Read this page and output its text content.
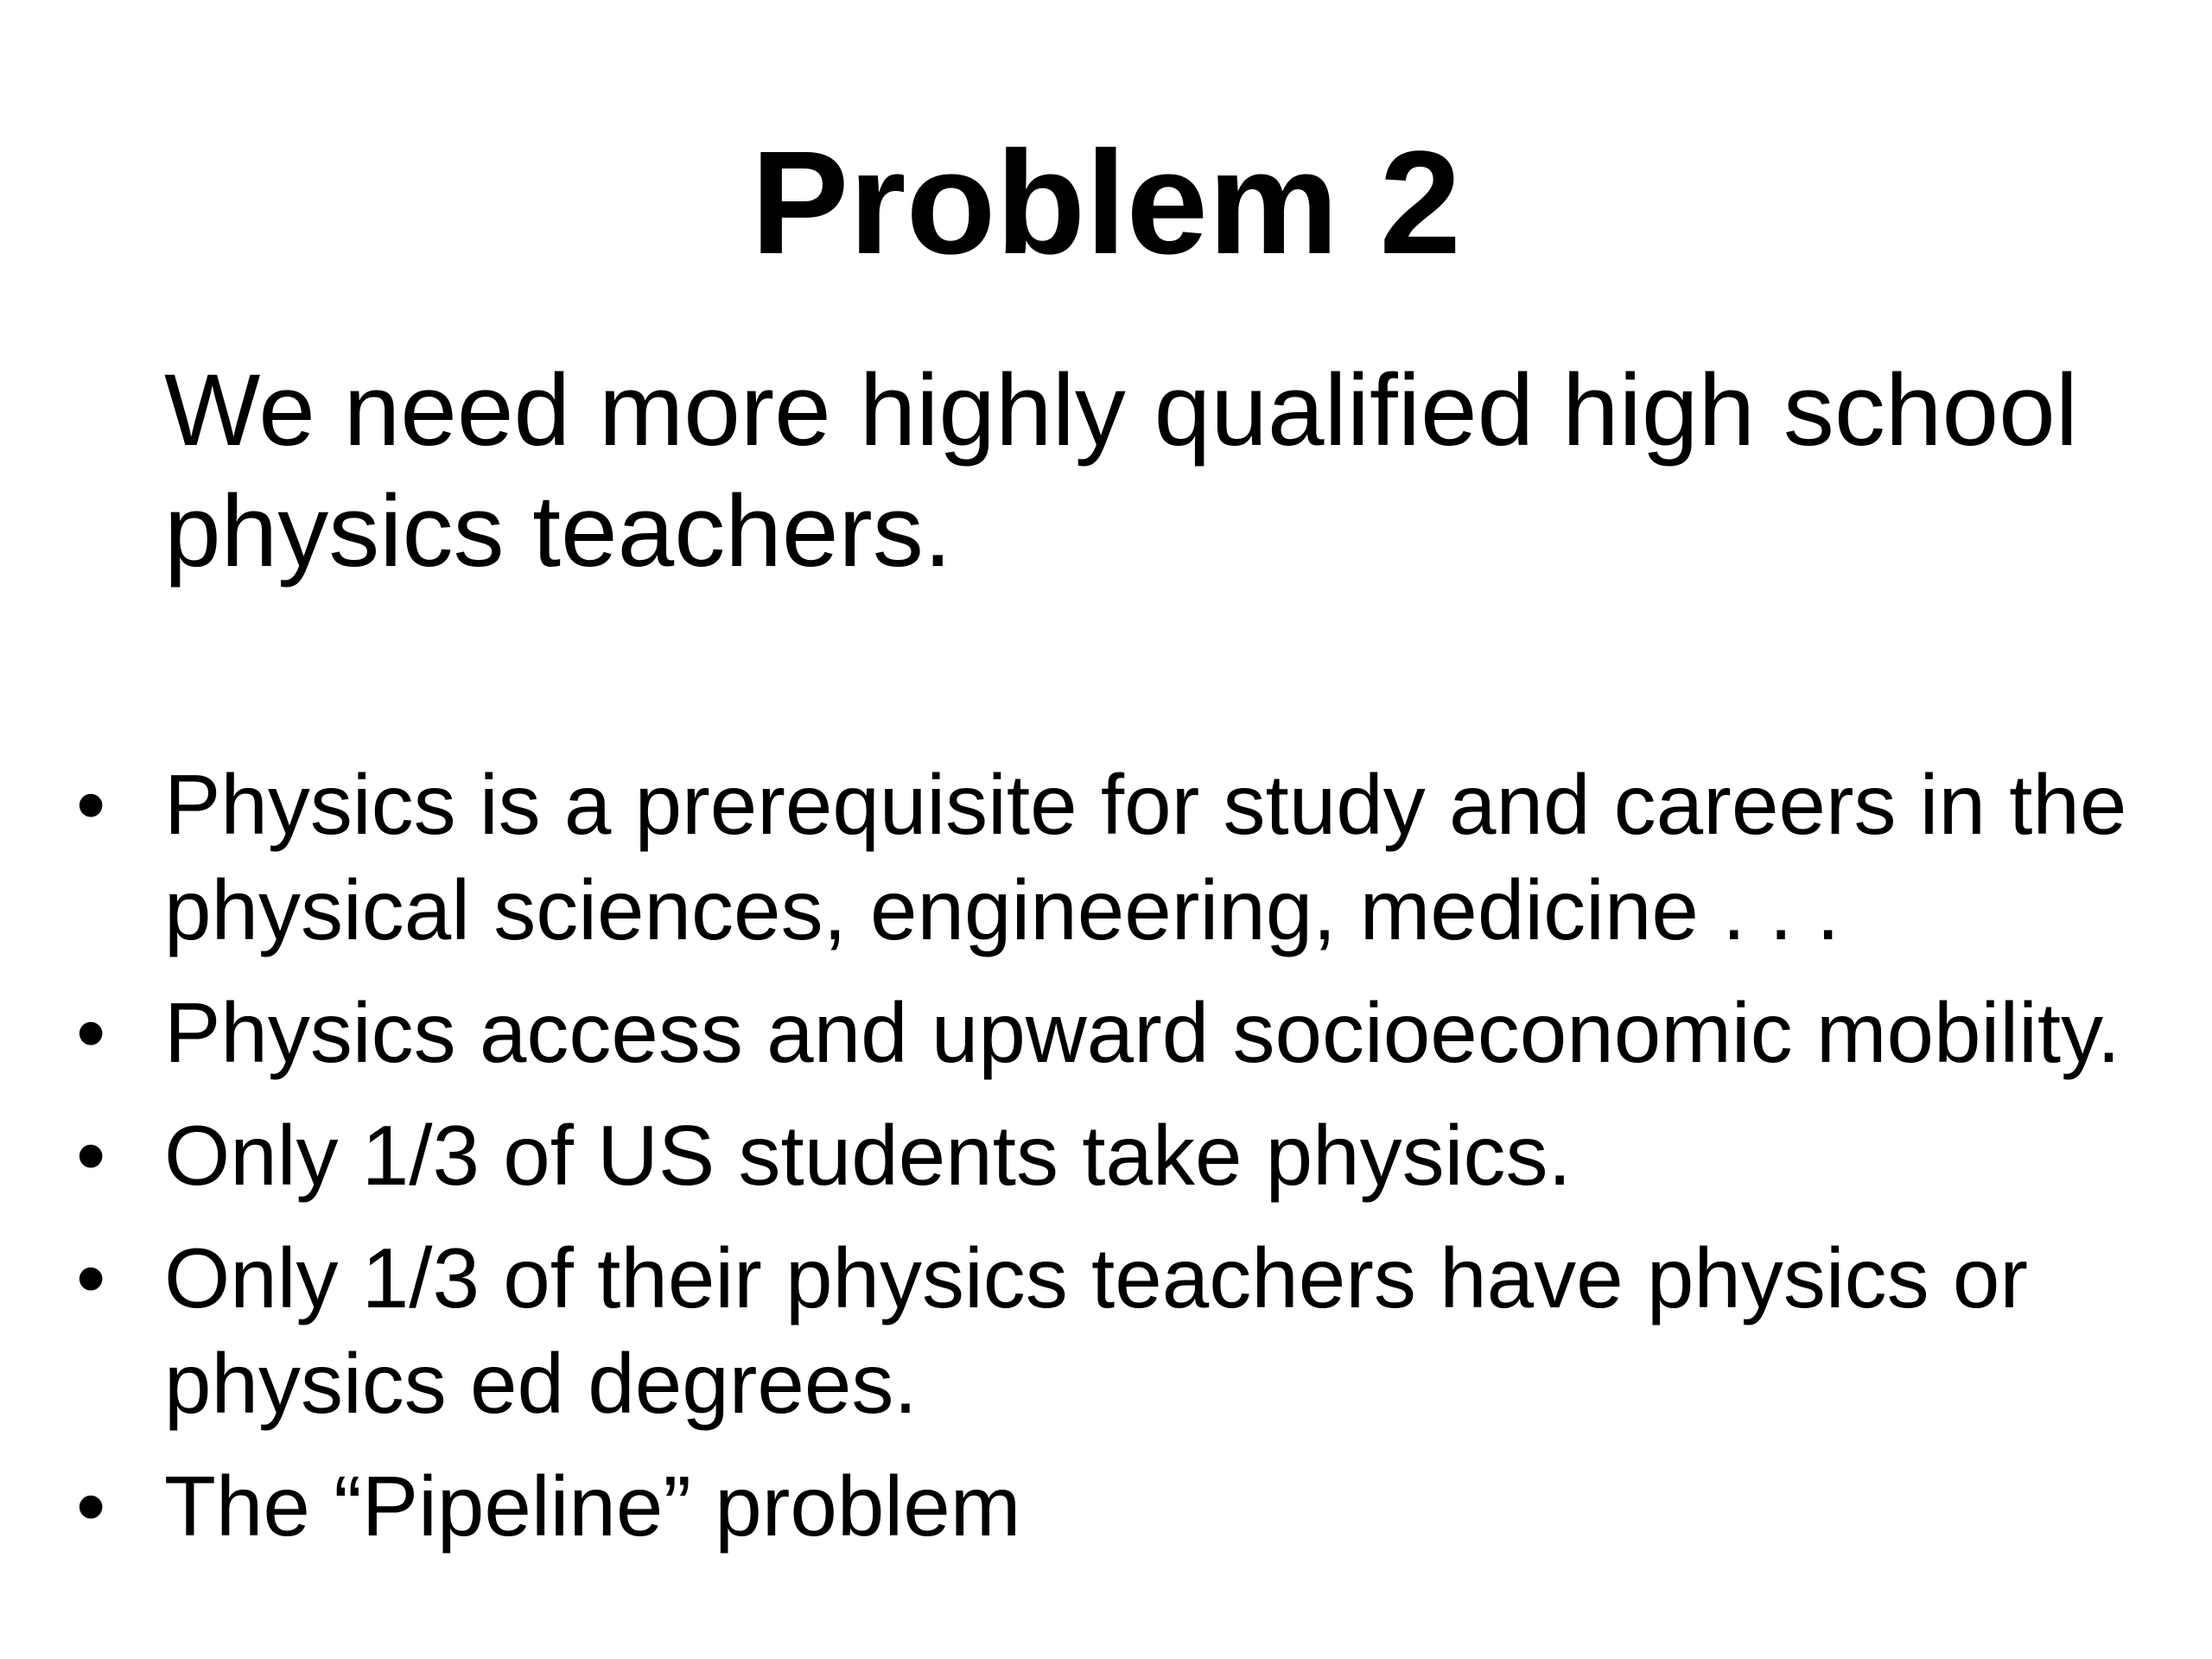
Problem 2

We need more highly qualified high school physics teachers.

• Physics is a prerequisite for study and careers in the physical sciences, engineering, medicine . . .
• Physics access and upward socioeconomic mobility.
• Only 1/3 of US students take physics.
• Only 1/3 of their physics teachers have physics or physics ed degrees.
• The “Pipeline” problem
